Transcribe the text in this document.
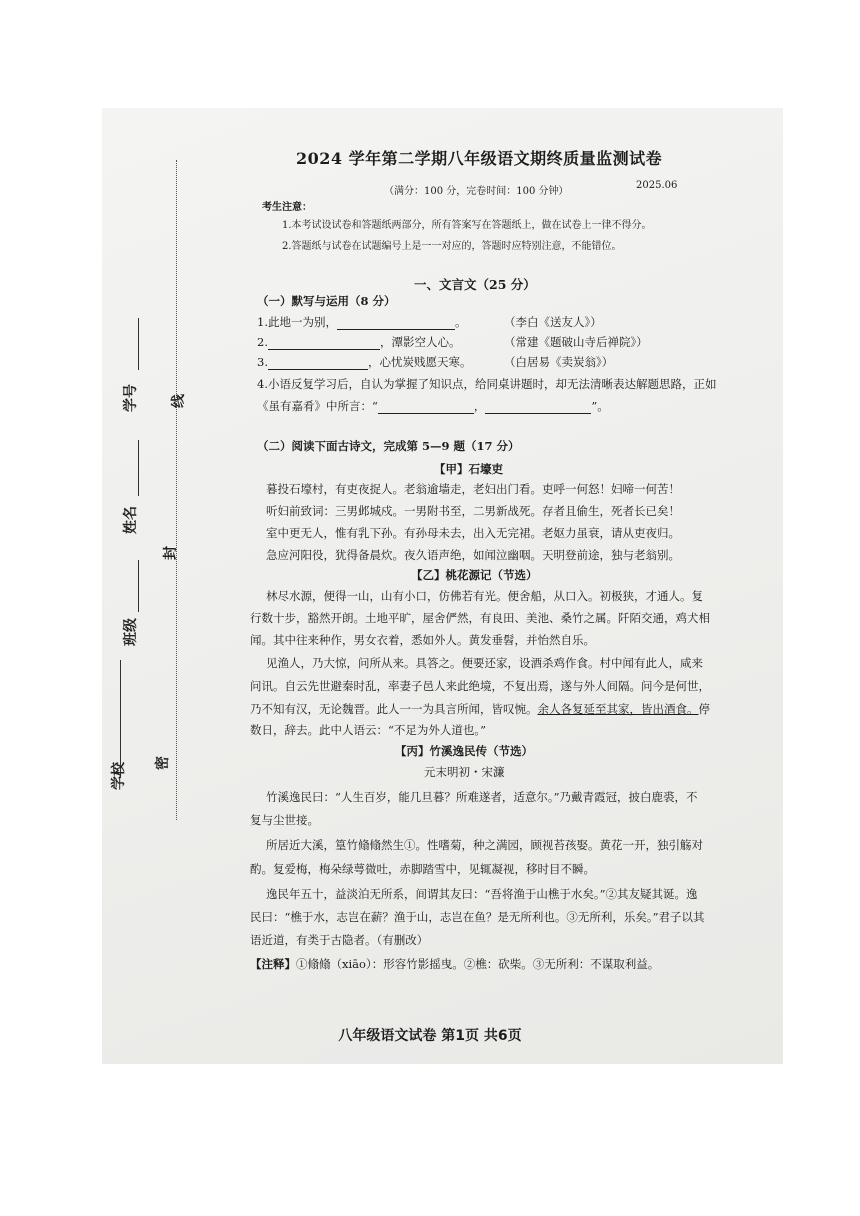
线
封
密
学号
姓名
班级
学校
2024 学年第二学期八年级语文期终质量监测试卷
（满分：100 分，完卷时间：100 分钟）
2025.06
考生注意：
1.本考试设试卷和答题纸两部分，所有答案写在答题纸上，做在试卷上一律不得分。
2.答题纸与试卷在试题编号上是一一对应的，答题时应特别注意，不能错位。
一、文言文（25 分）
（一）默写与运用（8 分）
1.此地一为别，	。	（李白《送友人》）
2.	，潭影空人心。	（常建《题破山寺后禅院》）
3.	，心忧炭贱愿天寒。	（白居易《卖炭翁》）
4.小语反复学习后，自认为掌握了知识点，给同桌讲题时，却无法清晰表达解题思路，正如
《虽有嘉肴》中所言：“	，	”。
（二）阅读下面古诗文，完成第 5—9 题（17 分）
【甲】石壕吏
暮投石壕村，有吏夜捉人。老翁逾墙走，老妇出门看。吏呼一何怒！妇啼一何苦！
听妇前致词：三男邺城戍。一男附书至，二男新战死。存者且偷生，死者长已矣！
室中更无人，惟有乳下孙。有孙母未去，出入无完裙。老妪力虽衰，请从吏夜归。
急应河阳役，犹得备晨炊。夜久语声绝，如闻泣幽咽。天明登前途，独与老翁别。
【乙】桃花源记（节选）
林尽水源，便得一山，山有小口，仿佛若有光。便舍船，从口入。初极狭，才通人。复
行数十步，豁然开朗。土地平旷，屋舍俨然，有良田、美池、桑竹之属。阡陌交通，鸡犬相
闻。其中往来种作，男女衣着，悉如外人。黄发垂髫，并怡然自乐。
见渔人，乃大惊，问所从来。具答之。便要还家，设酒杀鸡作食。村中闻有此人，咸来
问讯。自云先世避秦时乱，率妻子邑人来此绝境，不复出焉，遂与外人间隔。问今是何世，
乃不知有汉，无论魏晋。此人一一为具言所闻，皆叹惋。余人各复延至其家，皆出酒食。停
数日，辞去。此中人语云：“不足为外人道也。”
【丙】竹溪逸民传（节选）
元末明初・宋濂
竹溪逸民曰：“人生百岁，能几旦暮？所难遂者，适意尔。”乃戴青霞冠，披白鹿裘，不
复与尘世接。
所居近大溪，篁竹翛翛然生①。性嗜菊，种之满园，顾视苔孩娶。黄花一开，独引觞对
酌。复爱梅，梅朵绿萼微吐，赤脚踏雪中，见辄凝视，移时目不瞬。
逸民年五十，益淡泊无所系，间谓其友曰：“吾将渔于山樵于水矣。”②其友疑其诞。逸
民曰：“樵于水，志岂在薪？渔于山，志岂在鱼？是无所利也。③无所利，乐矣。”君子以其
语近道，有类于古隐者。（有删改）
【注释】①翛翛（xiāo）：形容竹影摇曳。②樵：砍柴。③无所利：不谋取利益。
八年级语文试卷 第1页 共6页
